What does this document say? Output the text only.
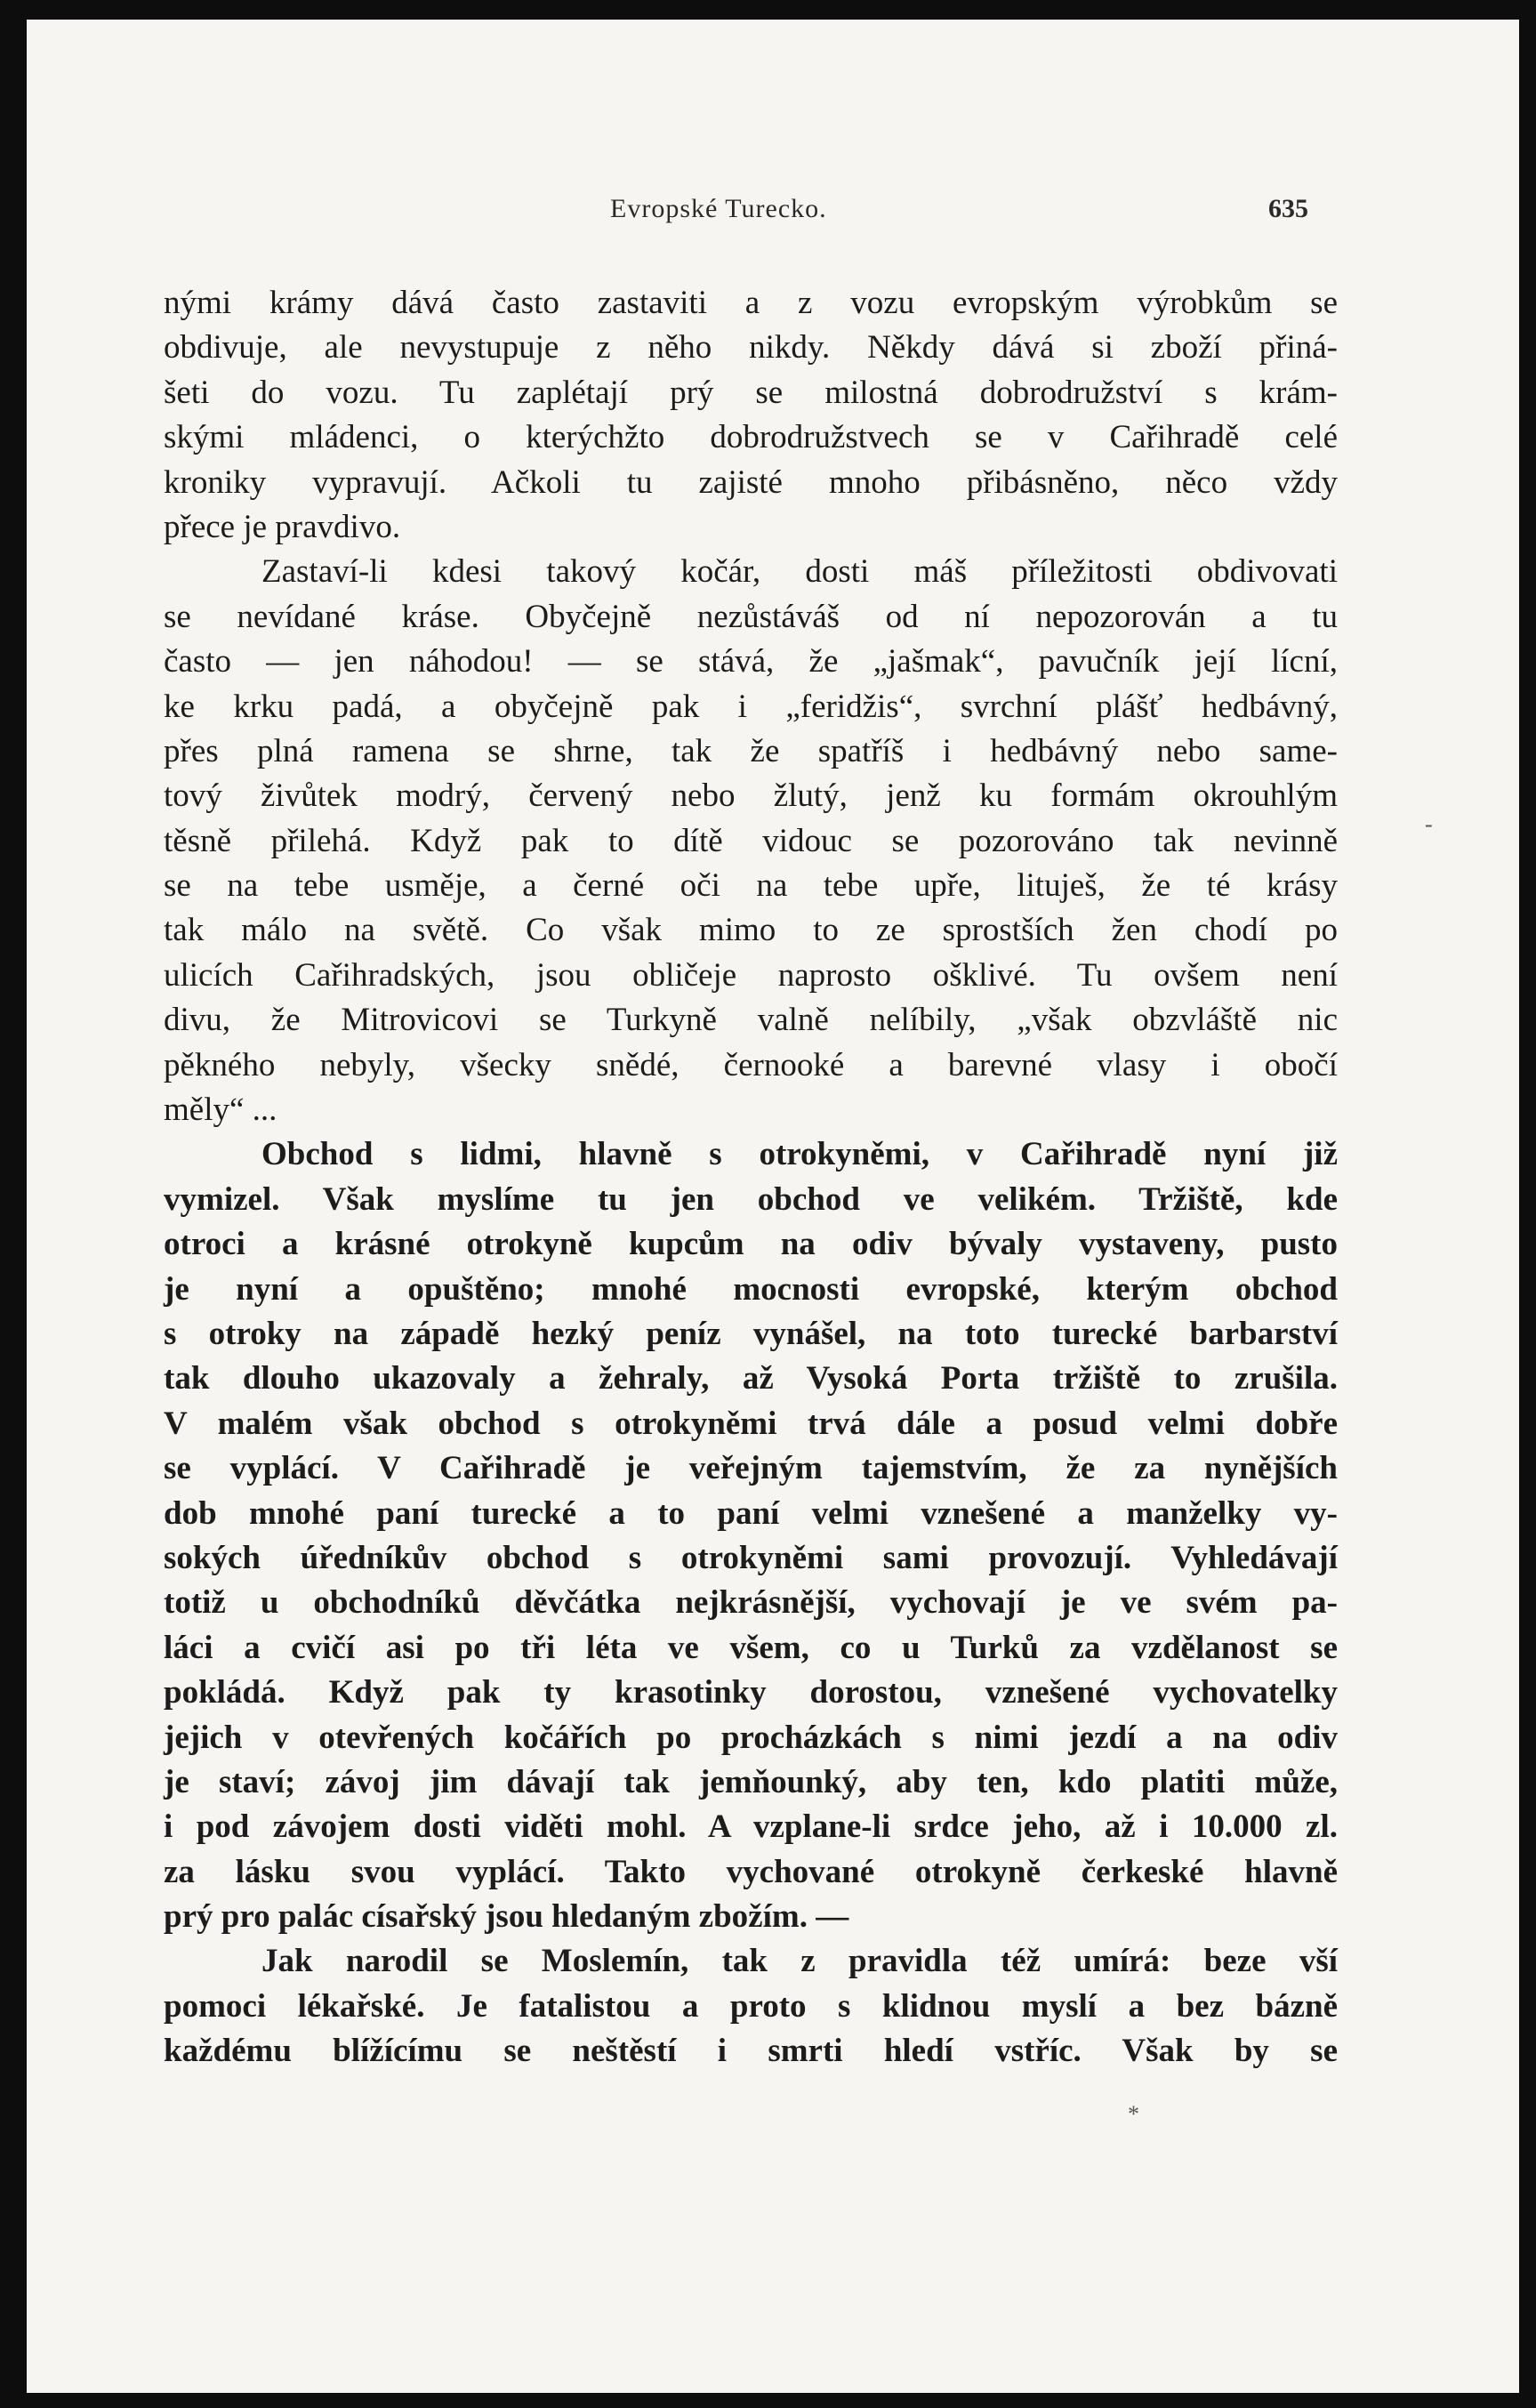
Evropské Turecko.	635
nými krámy dává často zastaviti a z vozu evropským výrobkům se
obdivuje, ale nevystupuje z něho nikdy. Někdy dává si zboží přiná-
šeti do vozu. Tu zaplétají prý se milostná dobrodružství s krám-
skými mládenci, o kterýchžto dobrodružstvech se v Cařihradě celé
kroniky vypravují. Ačkoli tu zajisté mnoho přibásněno, něco vždy
přece je pravdivo.
Zastaví-li kdesi takový kočár, dosti máš příležitosti obdivovati
se nevídané kráse. Obyčejně nezůstáváš od ní nepozorován a tu
často — jen náhodou! — se stává, že „jašmak“, pavučník její lícní,
ke krku padá, a obyčejně pak i „feridžis“, svrchní plášť hedbávný,
přes plná ramena se shrne, tak že spatříš i hedbávný nebo same-
tový živůtek modrý, červený nebo žlutý, jenž ku formám okrouhlým
těsně přilehá. Když pak to dítě vidouc se pozorováno tak nevinně
se na tebe usměje, a černé oči na tebe upře, lituješ, že té krásy
tak málo na světě. Co však mimo to ze sprostších žen chodí po
ulicích Cařihradských, jsou obličeje naprosto ošklivé. Tu ovšem není
divu, že Mitrovicovi se Turkyně valně nelíbily, „však obzvláště nic
pěkného nebyly, všecky snědé, černooké a barevné vlasy i obočí
měly“ ...
Obchod s lidmi, hlavně s otrokyněmi, v Cařihradě nyní již
vymizel. Však myslíme tu jen obchod ve velikém. Tržiště, kde
otroci a krásné otrokyně kupcům na odiv bývaly vystaveny, pusto
je nyní a opuštěno; mnohé mocnosti evropské, kterým obchod
s otroky na západě hezký peníz vynášel, na toto turecké barbarství
tak dlouho ukazovaly a žehraly, až Vysoká Porta tržiště to zrušila.
V malém však obchod s otrokyněmi trvá dále a posud velmi dobře
se vyplácí. V Cařihradě je veřejným tajemstvím, že za nynějších
dob mnohé paní turecké a to paní velmi vznešené a manželky vy-
sokých úředníkův obchod s otrokyněmi sami provozují. Vyhledávají
totiž u obchodníků děvčátka nejkrásnější, vychovají je ve svém pa-
láci a cvičí asi po tři léta ve všem, co u Turků za vzdělanost se
pokládá. Když pak ty krasotinky dorostou, vznešené vychovatelky
jejich v otevřených kočářích po procházkách s nimi jezdí a na odiv
je staví; závoj jim dávají tak jemňounký, aby ten, kdo platiti může,
i pod závojem dosti viděti mohl. A vzplane-li srdce jeho, až i 10.000 zl.
za lásku svou vyplácí. Takto vychované otrokyně čerkeské hlavně
prý pro palác císařský jsou hledaným zbožím. —
Jak narodil se Moslemín, tak z pravidla též umírá: beze vší
pomoci lékařské. Je fatalistou a proto s klidnou myslí a bez bázně
každému blížícímu se neštěstí i smrti hledí vstříc. Však by se
-
*
